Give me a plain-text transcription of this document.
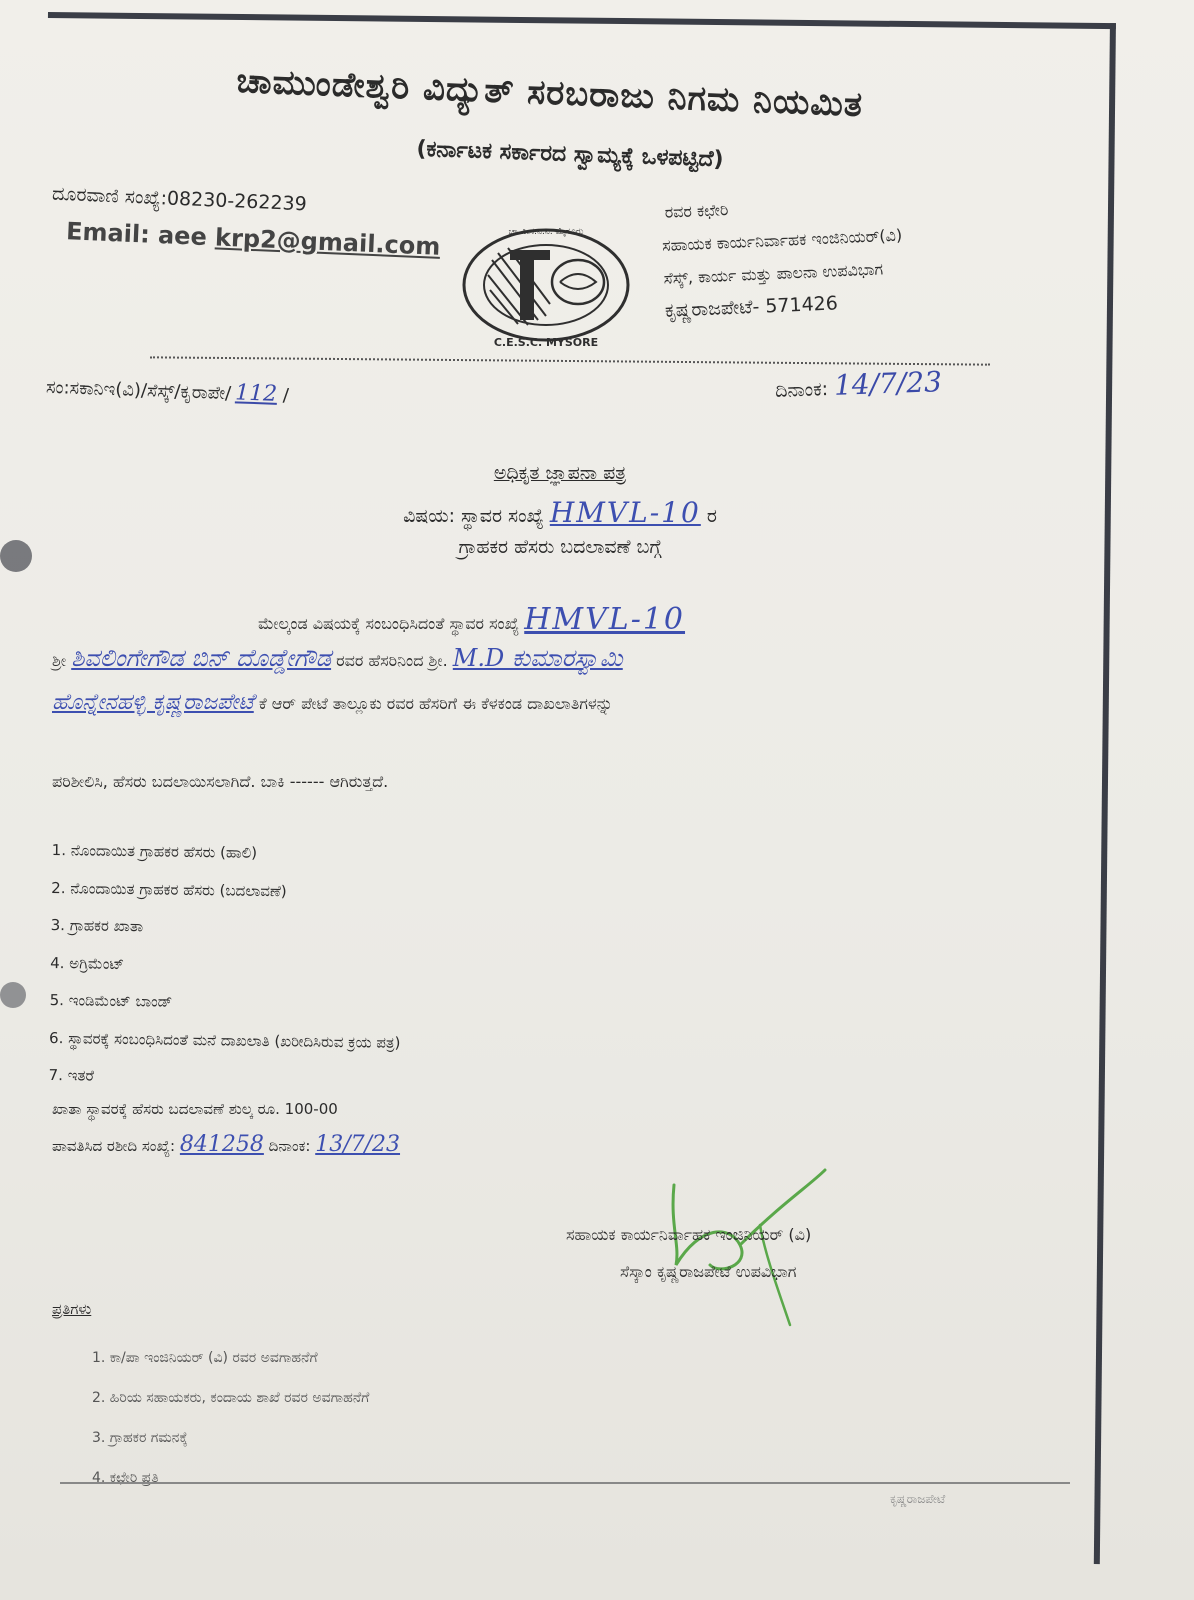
ಚಾಮುಂಡೇಶ್ವರಿ ವಿದ್ಯುತ್ ಸರಬರಾಜು ನಿಗಮ ನಿಯಮಿತ
(ಕರ್ನಾಟಕ ಸರ್ಕಾರದ ಸ್ವಾಮ್ಯಕ್ಕೆ ಒಳಪಟ್ಟಿದೆ)
ದೂರವಾಣಿ ಸಂಖ್ಯೆ:08230-262239
Email: aee krp2@gmail.com	ಚಾ.ವಿ.ಸ.ನಿ.ನಿ. ಮೈಸೂರು
C.E.S.C. MYSORE
ರವರ ಕಛೇರಿ
ಸಹಾಯಕ ಕಾರ್ಯನಿರ್ವಾಹಕ ಇಂಜಿನಿಯರ್(ವಿ)
ಸೆಸ್ಕ್, ಕಾರ್ಯ ಮತ್ತು ಪಾಲನಾ ಉಪವಿಭಾಗ
ಕೃಷ್ಣರಾಜಪೇಟೆ- 571426
ಸಂ:ಸಕಾನಿಇ(ವಿ)/ಸೆಸ್ಕ್/ಕೃರಾಪೇ/ 112 /	ದಿನಾಂಕ: 14/7/23
ಅಧಿಕೃತ ಜ್ಞಾಪನಾ ಪತ್ರ
ವಿಷಯ: ಸ್ಥಾವರ ಸಂಖ್ಯೆ HMVL-10 ರ
ಗ್ರಾಹಕರ ಹೆಸರು ಬದಲಾವಣೆ ಬಗ್ಗೆ
ಮೇಲ್ಕಂಡ ವಿಷಯಕ್ಕೆ ಸಂಬಂಧಿಸಿದಂತೆ ಸ್ಥಾವರ ಸಂಖ್ಯೆ HMVL-10
ಶ್ರೀ ಶಿವಲಿಂಗೇಗೌಡ ಬಿನ್ ದೊಡ್ಡೇಗೌಡ ರವರ ಹೆಸರಿನಿಂದ ಶ್ರೀ. M.D ಕುಮಾರಸ್ವಾಮಿ
ಹೊನ್ನೇನಹಳ್ಳಿ ಕೃಷ್ಣರಾಜಪೇಟೆ ಕೆ ಆರ್ ಪೇಟೆ ತಾಲ್ಲೂಕು ರವರ ಹೆಸರಿಗೆ ಈ ಕೆಳಕಂಡ ದಾಖಲಾತಿಗಳನ್ನು
ಪರಿಶೀಲಿಸಿ, ಹೆಸರು ಬದಲಾಯಿಸಲಾಗಿದೆ. ಬಾಕಿ ------ ಆಗಿರುತ್ತದೆ.
1. ನೊಂದಾಯಿತ ಗ್ರಾಹಕರ ಹೆಸರು (ಹಾಲಿ)
2. ನೊಂದಾಯಿತ ಗ್ರಾಹಕರ ಹೆಸರು (ಬದಲಾವಣೆ)
3. ಗ್ರಾಹಕರ ಖಾತಾ
4. ಅಗ್ರಿಮೆಂಟ್
5. ಇಂಡಿಮೆಂಟ್ ಬಾಂಡ್
6. ಸ್ಥಾವರಕ್ಕೆ ಸಂಬಂಧಿಸಿದಂತೆ ಮನೆ ದಾಖಲಾತಿ (ಖರೀದಿಸಿರುವ ಕ್ರಯ ಪತ್ರ)
7. ಇತರೆ
ಖಾತಾ ಸ್ಥಾವರಕ್ಕೆ ಹೆಸರು ಬದಲಾವಣೆ ಶುಲ್ಕ ರೂ. 100-00
ಪಾವತಿಸಿದ ರಶೀದಿ ಸಂಖ್ಯೆ: 841258 ದಿನಾಂಕ: 13/7/23
ಸಹಾಯಕ ಕಾರ್ಯನಿರ್ವಾಹಕ ಇಂಜಿನಿಯರ್ (ವಿ)
ಸೆಸ್ಕಾಂ ಕೃಷ್ಣರಾಜಪೇಟೆ ಉಪವಿಭಾಗ
ಪ್ರತಿಗಳು
1. ಕಾ/ಪಾ ಇಂಜಿನಿಯರ್ (ವಿ) ರವರ ಅವಗಾಹನೆಗೆ
2. ಹಿರಿಯ ಸಹಾಯಕರು, ಕಂದಾಯ ಶಾಖೆ ರವರ ಅವಗಾಹನೆಗೆ
3. ಗ್ರಾಹಕರ ಗಮನಕ್ಕೆ
4. ಕಛೇರಿ ಪ್ರತಿ
ಕೃಷ್ಣರಾಜಪೇಟೆ
